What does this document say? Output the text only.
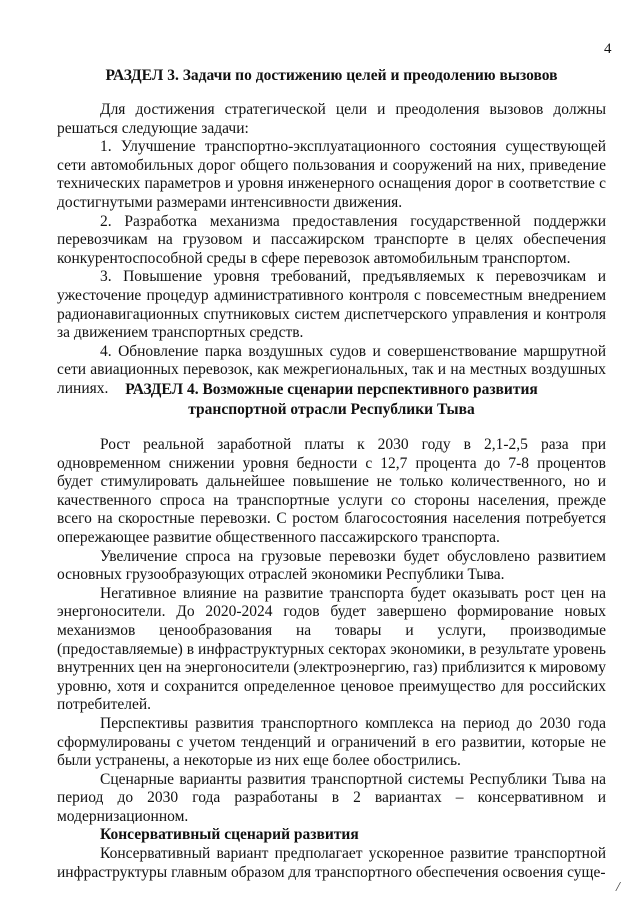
4
РАЗДЕЛ 3. Задачи по достижению целей и преодолению вызовов

Для достижения стратегической цели и преодоления вызовов должны решаться следующие задачи:

1. Улучшение транспортно-эксплуатационного состояния существующей сети автомобильных дорог общего пользования и сооружений на них, приведение технических параметров и уровня инженерного оснащения дорог в соответствие с достигнутыми размерами интенсивности движения.

2. Разработка механизма предоставления государственной поддержки перевозчикам на грузовом и пассажирском транспорте в целях обеспечения конкурентоспособной среды в сфере перевозок автомобильным транспортом.

3. Повышение уровня требований, предъявляемых к перевозчикам и ужесточение процедур административного контроля с повсеместным внедрением радионавигационных спутниковых систем диспетчерского управления и контроля за движением транспортных средств.

4. Обновление парка воздушных судов и совершенствование маршрутной сети авиационных перевозок, как межрегиональных, так и на местных воздушных линиях.	РАЗДЕЛ 4. Возможные сценарии перспективного развития
транспортной отрасли Республики Тыва

Рост реальной заработной платы к 2030 году в 2,1-2,5 раза при одновременном снижении уровня бедности с 12,7 процента до 7-8 процентов будет стимулировать дальнейшее повышение не только количественного, но и качественного спроса на транспортные услуги со стороны населения, прежде всего на скоростные перевозки. С ростом благосостояния населения потребуется опережающее развитие общественного пассажирского транспорта.

Увеличение спроса на грузовые перевозки будет обусловлено развитием основных грузообразующих отраслей экономики Республики Тыва.

Негативное влияние на развитие транспорта будет оказывать рост цен на энергоносители. До 2020-2024 годов будет завершено формирование новых механизмов ценообразования на товары и услуги, производимые (предоставляемые) в инфраструктурных секторах экономики, в результате уровень внутренних цен на энергоносители (электроэнергию, газ) приблизится к мировому уровню, хотя и сохранится определенное ценовое преимущество для российских потребителей.

Перспективы развития транспортного комплекса на период до 2030 года сформулированы с учетом тенденций и ограничений в его развитии, которые не были устранены, а некоторые из них еще более обострились.

Сценарные варианты развития транспортной системы Республики Тыва на период до 2030 года разработаны в 2 вариантах – консервативном и модернизационном.

Консервативный сценарий развития

Консервативный вариант предполагает ускоренное развитие транспортной инфраструктуры главным образом для транспортного обеспечения освоения суще-

/
